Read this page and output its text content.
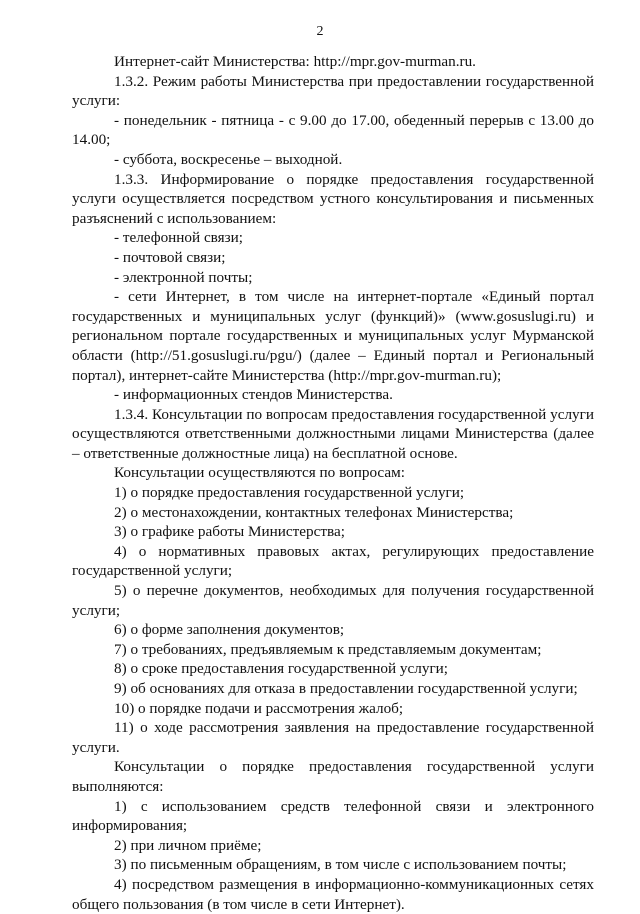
2

Интернет-сайт Министерства: http://mpr.gov-murman.ru.

1.3.2. Режим работы Министерства при предоставлении государственной услуги:

- понедельник - пятница - с 9.00 до 17.00, обеденный перерыв с 13.00 до 14.00;

- суббота, воскресенье – выходной.

1.3.3. Информирование о порядке предоставления государственной услуги осуществляется посредством устного консультирования и письменных разъяснений с использованием:

- телефонной связи;

- почтовой связи;

- электронной почты;

- сети Интернет, в том числе на интернет-портале «Единый портал государственных и муниципальных услуг (функций)» (www.gosuslugi.ru) и региональном портале государственных и муниципальных услуг Мурманской области (http://51.gosuslugi.ru/pgu/) (далее – Единый портал и Региональный портал), интернет-сайте Министерства (http://mpr.gov-murman.ru);

- информационных стендов Министерства.

1.3.4. Консультации по вопросам предоставления государственной услуги осуществляются ответственными должностными лицами Министерства (далее – ответственные должностные лица) на бесплатной основе.

Консультации осуществляются по вопросам:

1) о порядке предоставления государственной услуги;

2) о местонахождении, контактных телефонах Министерства;

3) о графике работы Министерства;

4) о нормативных правовых актах, регулирующих предоставление государственной услуги;

5) о перечне документов, необходимых для получения государственной услуги;

6) о форме заполнения документов;

7) о требованиях, предъявляемым к представляемым документам;

8) о сроке предоставления государственной услуги;

9) об основаниях для отказа в предоставлении государственной услуги;

10) о порядке подачи и рассмотрения жалоб;

11) о ходе рассмотрения заявления на предоставление государственной услуги.

Консультации о порядке предоставления государственной услуги выполняются:

1) с использованием средств телефонной связи и электронного информирования;

2) при личном приёме;

3) по письменным обращениям, в том числе с использованием почты;

4) посредством размещения в информационно-коммуникационных сетях общего пользования (в том числе в сети Интернет).
